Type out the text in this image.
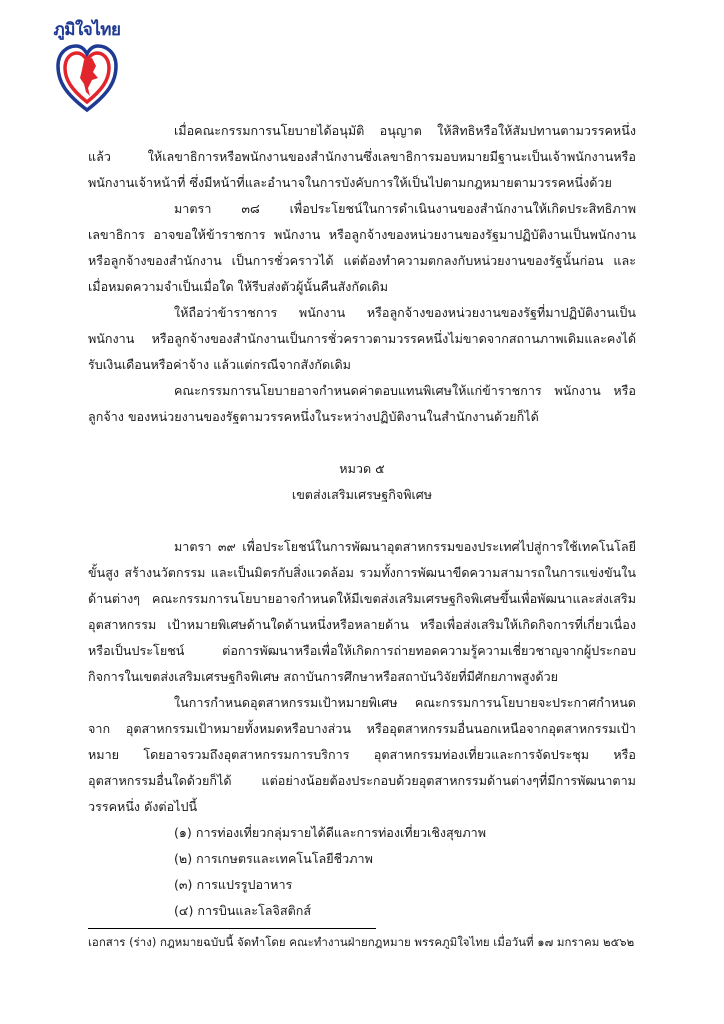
ภูมิใจไทย

เมื่อคณะกรรมการนโยบายได้อนุมัติ อนุญาต ให้สิทธิหรือให้สัมปทานตามวรรคหนึ่งแล้ว ให้เลขาธิการหรือพนักงานของสำนักงานซึ่งเลขาธิการมอบหมายมีฐานะเป็นเจ้าพนักงานหรือพนักงานเจ้าหน้าที่ ซึ่งมีหน้าที่และอำนาจในการบังคับการให้เป็นไปตามกฎหมายตามวรรคหนึ่งด้วย

มาตรา ๓๘ เพื่อประโยชน์ในการดำเนินงานของสำนักงานให้เกิดประสิทธิภาพ เลขาธิการ อาจขอให้ข้าราชการ พนักงาน หรือลูกจ้างของหน่วยงานของรัฐมาปฏิบัติงานเป็นพนักงานหรือลูกจ้างของสำนักงาน เป็นการชั่วคราวได้ แต่ต้องทำความตกลงกับหน่วยงานของรัฐนั้นก่อน และเมื่อหมดความจำเป็นเมื่อใด ให้รีบส่งตัวผู้นั้นคืนสังกัดเดิม

ให้ถือว่าข้าราชการ พนักงาน หรือลูกจ้างของหน่วยงานของรัฐที่มาปฏิบัติงานเป็นพนักงาน หรือลูกจ้างของสำนักงานเป็นการชั่วคราวตามวรรคหนึ่งไม่ขาดจากสถานภาพเดิมและคงได้รับเงินเดือนหรือค่าจ้าง แล้วแต่กรณีจากสังกัดเดิม

คณะกรรมการนโยบายอาจกำหนดค่าตอบแทนพิเศษให้แก่ข้าราชการ พนักงาน หรือลูกจ้าง ของหน่วยงานของรัฐตามวรรคหนึ่งในระหว่างปฏิบัติงานในสำนักงานด้วยก็ได้

หมวด ๕

เขตส่งเสริมเศรษฐกิจพิเศษ

มาตรา ๓๙ เพื่อประโยชน์ในการพัฒนาอุตสาหกรรมของประเทศไปสู่การใช้เทคโนโลยีขั้นสูง สร้างนวัตกรรม และเป็นมิตรกับสิ่งแวดล้อม รวมทั้งการพัฒนาขีดความสามารถในการแข่งขันในด้านต่างๆ คณะกรรมการนโยบายอาจกำหนดให้มีเขตส่งเสริมเศรษฐกิจพิเศษขึ้นเพื่อพัฒนาและส่งเสริมอุตสาหกรรม เป้าหมายพิเศษด้านใดด้านหนึ่งหรือหลายด้าน หรือเพื่อส่งเสริมให้เกิดกิจการที่เกี่ยวเนื่องหรือเป็นประโยชน์ ต่อการพัฒนาหรือเพื่อให้เกิดการถ่ายทอดความรู้ความเชี่ยวชาญจากผู้ประกอบกิจการในเขตส่งเสริมเศรษฐกิจพิเศษ สถาบันการศึกษาหรือสถาบันวิจัยที่มีศักยภาพสูงด้วย

ในการกำหนดอุตสาหกรรมเป้าหมายพิเศษ คณะกรรมการนโยบายจะประกาศกำหนดจาก อุตสาหกรรมเป้าหมายทั้งหมดหรือบางส่วน หรืออุตสาหกรรมอื่นนอกเหนือจากอุตสาหกรรมเป้าหมาย โดยอาจรวมถึงอุตสาหกรรมการบริการ อุตสาหกรรมท่องเที่ยวและการจัดประชุม หรืออุตสาหกรรมอื่นใดด้วยก็ได้ แต่อย่างน้อยต้องประกอบด้วยอุตสาหกรรมด้านต่างๆที่มีการพัฒนาตามวรรคหนึ่ง ดังต่อไปนี้

(๑) การท่องเที่ยวกลุ่มรายได้ดีและการท่องเที่ยวเชิงสุขภาพ

(๒) การเกษตรและเทคโนโลยีชีวภาพ

(๓) การแปรรูปอาหาร

(๔) การบินและโลจิสติกส์

เอกสาร (ร่าง) กฎหมายฉบับนี้ จัดทำโดย คณะทำงานฝ่ายกฎหมาย พรรคภูมิใจไทย เมื่อวันที่ ๑๗ มกราคม ๒๕๖๒
